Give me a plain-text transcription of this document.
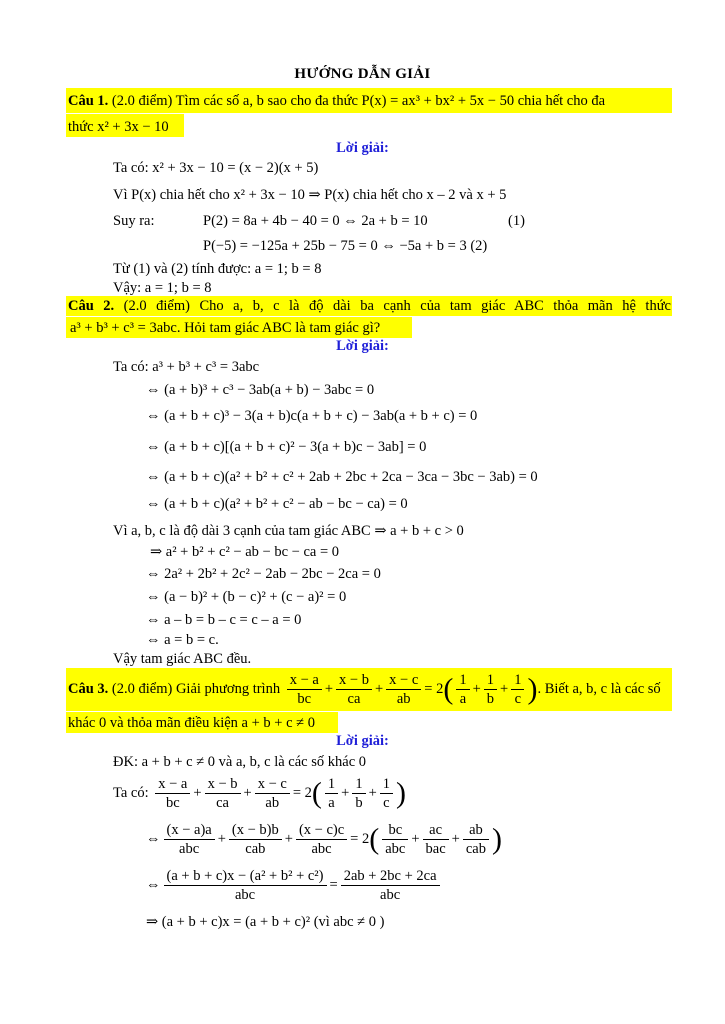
HƯỚNG DẪN GIẢI
Câu 1. (2.0 điểm) Tìm các số a, b sao cho đa thức P(x) = ax³ + bx² + 5x − 50 chia hết cho đa
thức x² + 3x − 10
Lời giải:
Ta có: x² + 3x − 10 = (x − 2)(x + 5)
Vì P(x) chia hết cho x² + 3x − 10 ⇒ P(x) chia hết cho x – 2 và x + 5
Suy ra:	P(2) = 8a + 4b − 40 = 0 ⇔ 2a + b = 10	(1)
P(−5) = −125a + 25b − 75 = 0 ⇔ −5a + b = 3 (2)
Từ (1) và (2) tính được: a = 1; b = 8
Vậy: a = 1; b = 8
Câu 2. (2.0 điểm) Cho a, b, c là độ dài ba cạnh của tam giác ABC thỏa mãn hệ thức
a³ + b³ + c³ = 3abc. Hỏi tam giác ABC là tam giác gì?
Lời giải:
Ta có: a³ + b³ + c³ = 3abc
⇔ (a + b)³ + c³ − 3ab(a + b) − 3abc = 0
⇔ (a + b + c)³ − 3(a + b)c(a + b + c) − 3ab(a + b + c) = 0
⇔ (a + b + c)[(a + b + c)² − 3(a + b)c − 3ab] = 0
⇔ (a + b + c)(a² + b² + c² + 2ab + 2bc + 2ca − 3ca − 3bc − 3ab) = 0
⇔ (a + b + c)(a² + b² + c² − ab − bc − ca) = 0
Vì a, b, c là độ dài 3 cạnh của tam giác ABC ⇒ a + b + c > 0
⇒ a² + b² + c² − ab − bc − ca = 0
⇔ 2a² + 2b² + 2c² − 2ab − 2bc − 2ca = 0
⇔ (a − b)² + (b − c)² + (c − a)² = 0
⇔ a – b = b – c = c – a = 0
⇔ a = b = c.
Vậy tam giác ABC đều.
Câu 3. (2.0 điểm) Giải phương trình $\frac{x - a}{bc} + \frac{x - b}{ca} + \frac{x - c}{ab} = 2( \frac{1}{a} + \frac{1}{b} + \frac{1}{c}$ ). Biết a, b, c là các số
khác 0 và thỏa mãn điều kiện a + b + c ≠ 0
Lời giải:
ĐK: a + b + c ≠ 0 và a, b, c là các số khác 0
Ta có: $\frac{x - a}{bc} + \frac{x - b}{ca} + \frac{x - c}{ab} = 2( \frac{1}{a} + \frac{1}{b} + \frac{1}{c}$ )
⇔ $\frac{(x - a)a}{\text{abc}} + \frac{(x - b)b}{\text{cab}} + \frac{(x - c)c}{\text{abc}} = 2( \frac{bc}{\text{abc}} + \frac{ac}{\text{bac}} + \frac{ab}{\text{cab}}$ )
⇔ $\frac{\text{(a + b + c)x − (a² + b² + c²)}}{\text{abc}} = \frac{2ab + 2bc + 2ca}{\text{abc}}$
⇒ (a + b + c)x = (a + b + c)² (vì abc ≠ 0 )
